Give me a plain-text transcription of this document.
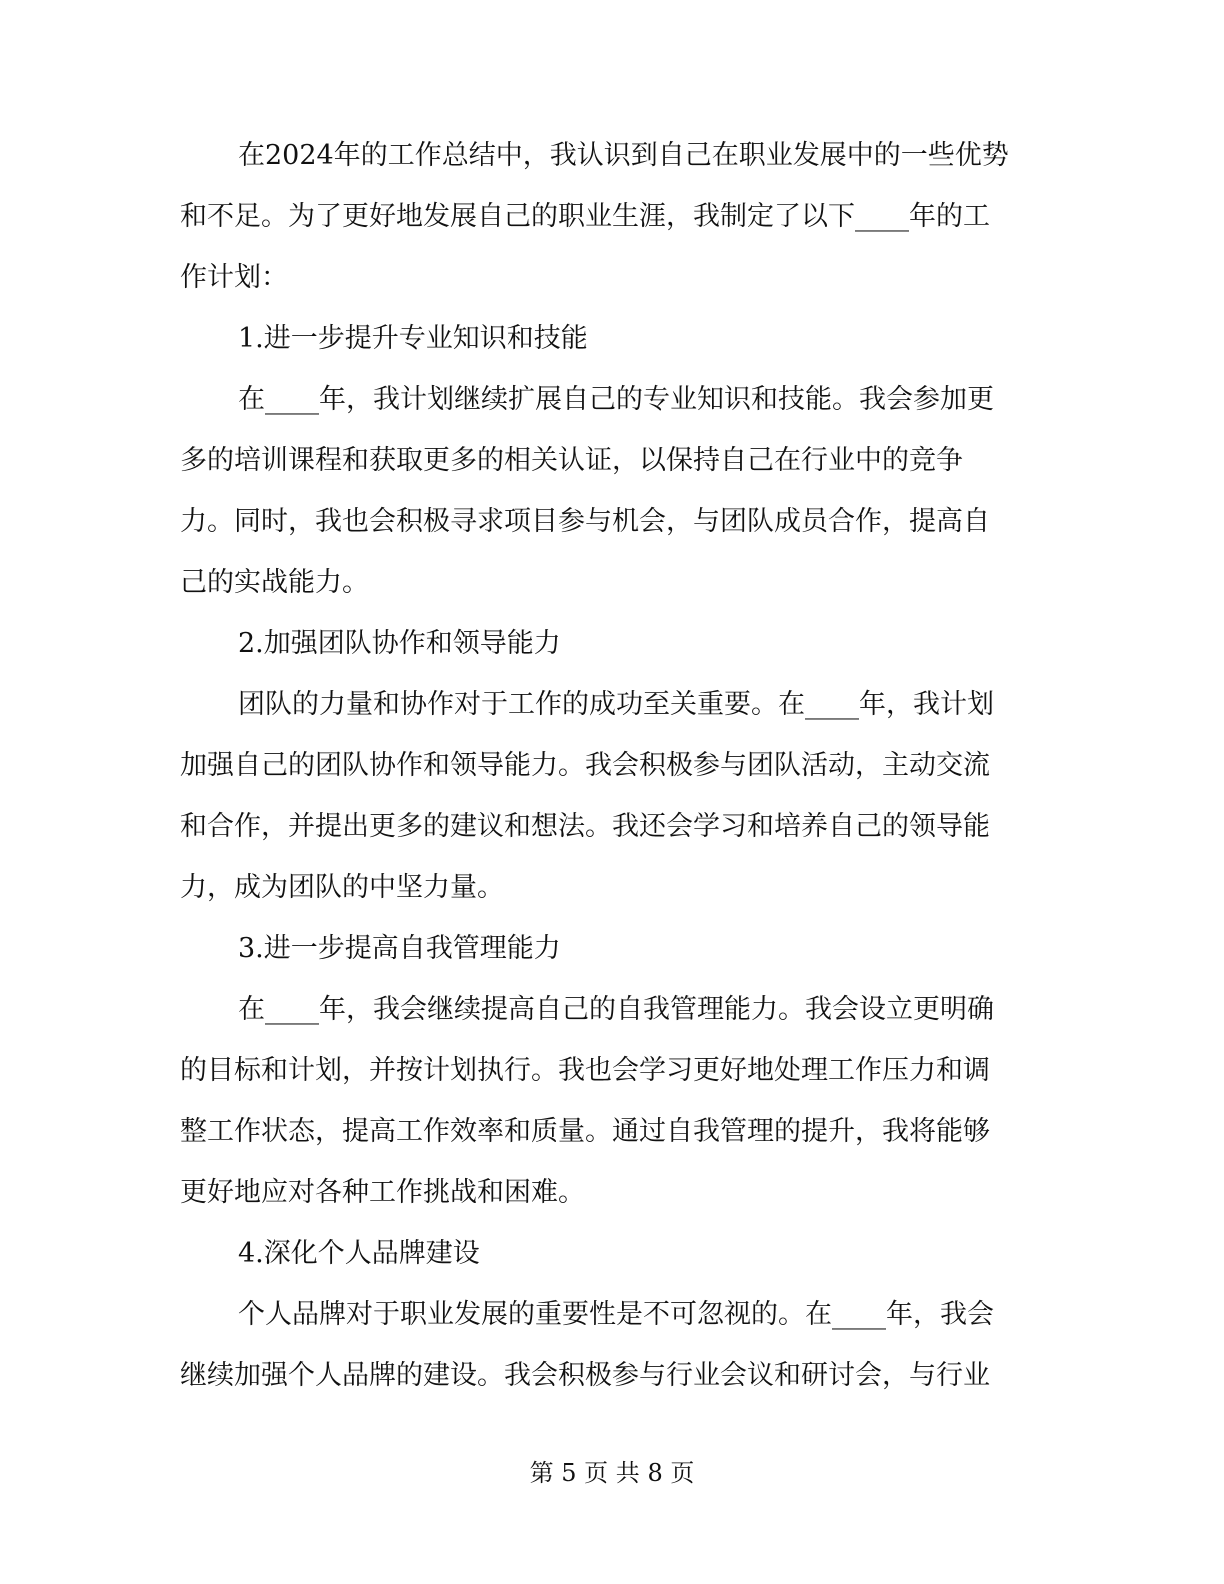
在2024年的工作总结中，我认识到自己在职业发展中的一些优势
和不足。为了更好地发展自己的职业生涯，我制定了以下____年的工
作计划：
1.进一步提升专业知识和技能
在____年，我计划继续扩展自己的专业知识和技能。我会参加更
多的培训课程和获取更多的相关认证，以保持自己在行业中的竞争
力。同时，我也会积极寻求项目参与机会，与团队成员合作，提高自
己的实战能力。
2.加强团队协作和领导能力
团队的力量和协作对于工作的成功至关重要。在____年，我计划
加强自己的团队协作和领导能力。我会积极参与团队活动，主动交流
和合作，并提出更多的建议和想法。我还会学习和培养自己的领导能
力，成为团队的中坚力量。
3.进一步提高自我管理能力
在____年，我会继续提高自己的自我管理能力。我会设立更明确
的目标和计划，并按计划执行。我也会学习更好地处理工作压力和调
整工作状态，提高工作效率和质量。通过自我管理的提升，我将能够
更好地应对各种工作挑战和困难。
4.深化个人品牌建设
个人品牌对于职业发展的重要性是不可忽视的。在____年，我会
继续加强个人品牌的建设。我会积极参与行业会议和研讨会，与行业
第 5 页 共 8 页
